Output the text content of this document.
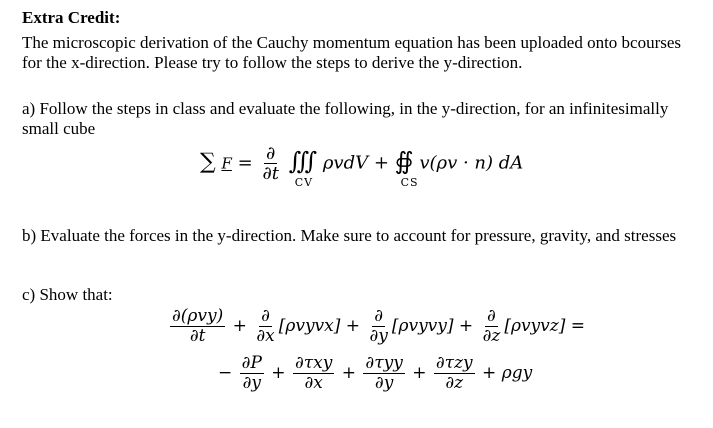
Extra Credit:
The microscopic derivation of the Cauchy momentum equation has been uploaded onto bcourses for the x-direction. Please try to follow the steps to derive the y-direction.
a) Follow the steps in class and evaluate the following, in the y-direction, for an infinitesimally small cube
∑ $F = \frac{\partial}{\partial t}$ ∭
CV
ρvdV + ∯
CS
v(ρv · n) dA
b) Evaluate the forces in the y-direction. Make sure to account for pressure, gravity, and stresses
c) Show that:
$\frac{\text{∂(ρvy)}}{\partial t} + \frac{\partial}{\partial x}$ [ρvyvx] + $\frac{\partial}{\partial y}$ [ρvyvy] + $\frac{\partial}{\partial z}$ [ρvyvz] =
− $\frac{\partial P}{\partial y} + \frac{\text{∂τxy}}{\partial x} + \frac{\text{∂τyy}}{\partial y} + \frac{\text{∂τzy}}{\partial z} + \rho gy$
